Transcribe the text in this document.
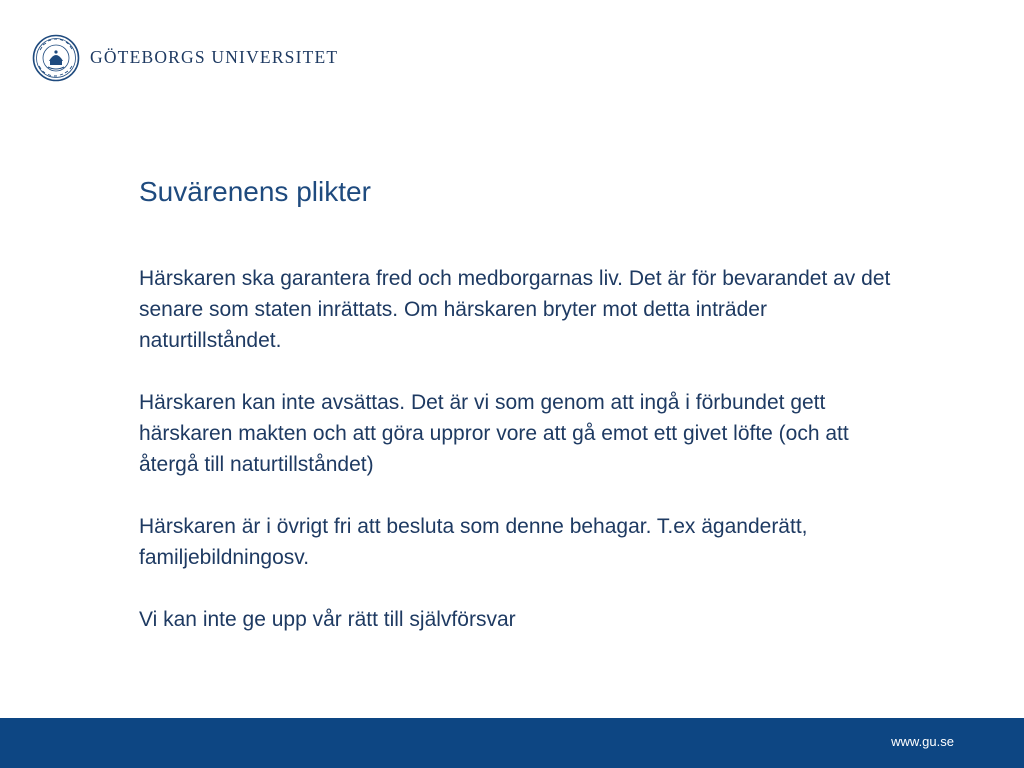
GÖTEBORGS UNIVERSITET
Suvärenens plikter

Härskaren ska garantera fred och medborgarnas liv. Det är för bevarandet av det senare som staten inrättats. Om härskaren bryter mot detta inträder naturtillståndet.

Härskaren kan inte avsättas. Det är vi som genom att ingå i förbundet gett härskaren makten och att göra uppror vore att gå emot ett givet löfte (och att återgå till naturtillståndet)

Härskaren är i övrigt fri att besluta som denne behagar. T.ex äganderätt, familjebildningosv.

Vi kan inte ge upp vår rätt till självförsvar

www.gu.se
